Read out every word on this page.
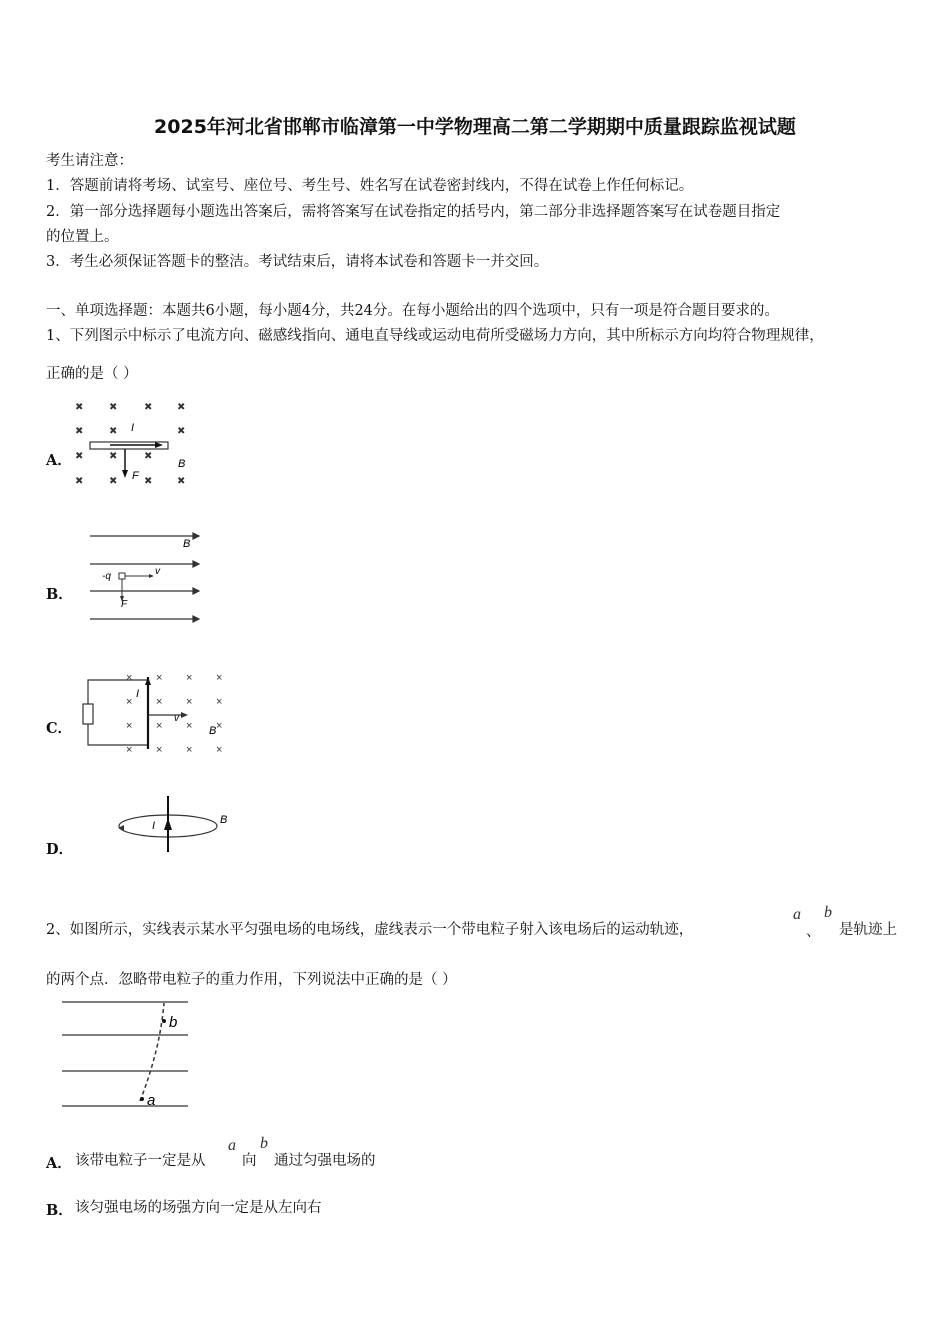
2025年河北省邯郸市临漳第一中学物理高二第二学期期中质量跟踪监视试题
考生请注意：
1．答题前请将考场、试室号、座位号、考生号、姓名写在试卷密封线内，不得在试卷上作任何标记。
2．第一部分选择题每小题选出答案后，需将答案写在试卷指定的括号内，第二部分非选择题答案写在试卷题目指定
的位置上。
3．考生必须保证答题卡的整洁。考试结束后，请将本试卷和答题卡一并交回。
一、单项选择题：本题共6小题，每小题4分，共24分。在每小题给出的四个选项中，只有一项是符合题目要求的。
1、下列图示中标示了电流方向、磁感线指向、通电直导线或运动电荷所受磁场力方向，其中所标示方向均符合物理规律，
正确的是（ ）
A．
×	×	× ×
×	×	×
×	×	×
×	×	× ×
I
F
B
B．
B
-q	v
F
C．
× × × ×
× × × ×
× × × ×
× × × ×
I
v
B
D．
I	B
2、如图所示，实线表示某水平匀强电场的电场线，虚线表示一个带电粒子射入该电场后的运动轨迹，
a
、
b
是轨迹上
的两个点．忽略带电粒子的重力作用，下列说法中正确的是（ ）
b
a
A． 该带电粒子一定是从
a
向
b
通过匀强电场的
B． 该匀强电场的场强方向一定是从左向右
